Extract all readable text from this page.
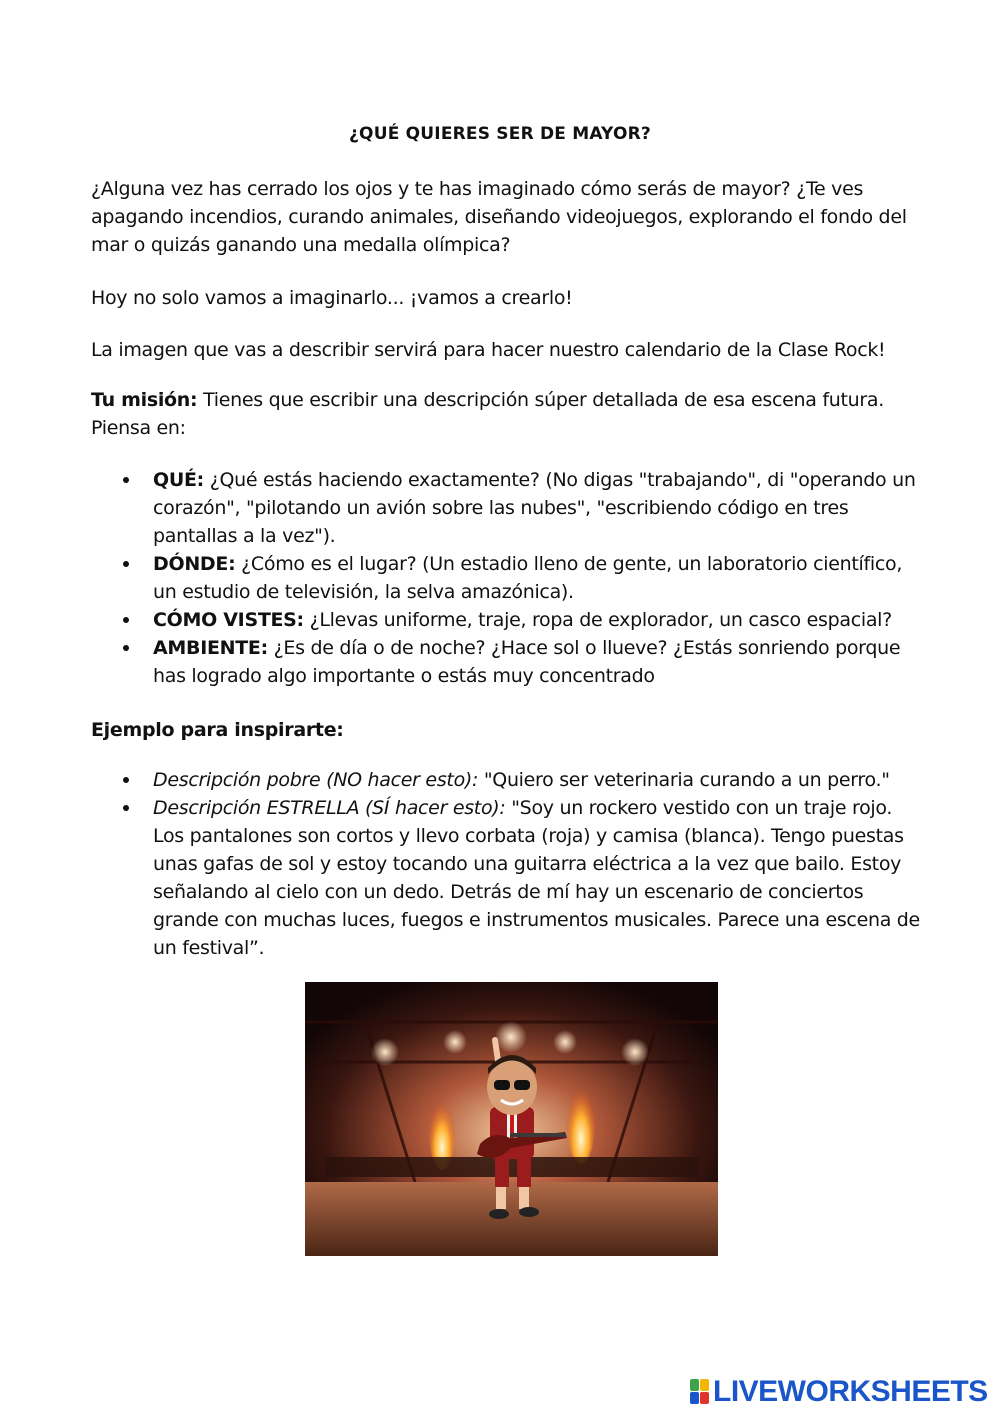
¿QUÉ QUIERES SER DE MAYOR?

¿Alguna vez has cerrado los ojos y te has imaginado cómo serás de mayor? ¿Te ves apagando incendios, curando animales, diseñando videojuegos, explorando el fondo del mar o quizás ganando una medalla olímpica?

Hoy no solo vamos a imaginarlo... ¡vamos a crearlo!

La imagen que vas a describir servirá para hacer nuestro calendario de la Clase Rock!

Tu misión: Tienes que escribir una descripción súper detallada de esa escena futura. Piensa en:

QUÉ: ¿Qué estás haciendo exactamente? (No digas "trabajando", di "operando un corazón", "pilotando un avión sobre las nubes", "escribiendo código en tres pantallas a la vez").
DÓNDE: ¿Cómo es el lugar? (Un estadio lleno de gente, un laboratorio científico, un estudio de televisión, la selva amazónica).
CÓMO VISTES: ¿Llevas uniforme, traje, ropa de explorador, un casco espacial?
AMBIENTE: ¿Es de día o de noche? ¿Hace sol o llueve? ¿Estás sonriendo porque has logrado algo importante o estás muy concentrado

Ejemplo para inspirarte:

Descripción pobre (NO hacer esto): "Quiero ser veterinaria curando a un perro."
Descripción ESTRELLA (SÍ hacer esto): "Soy un rockero vestido con un traje rojo. Los pantalones son cortos y llevo corbata (roja) y camisa (blanca). Tengo puestas unas gafas de sol y estoy tocando una guitarra eléctrica a la vez que bailo. Estoy señalando al cielo con un dedo. Detrás de mí hay un escenario de conciertos grande con muchas luces, fuegos e instrumentos musicales. Parece una escena de un festival”.
LIVEWORKSHEETS
